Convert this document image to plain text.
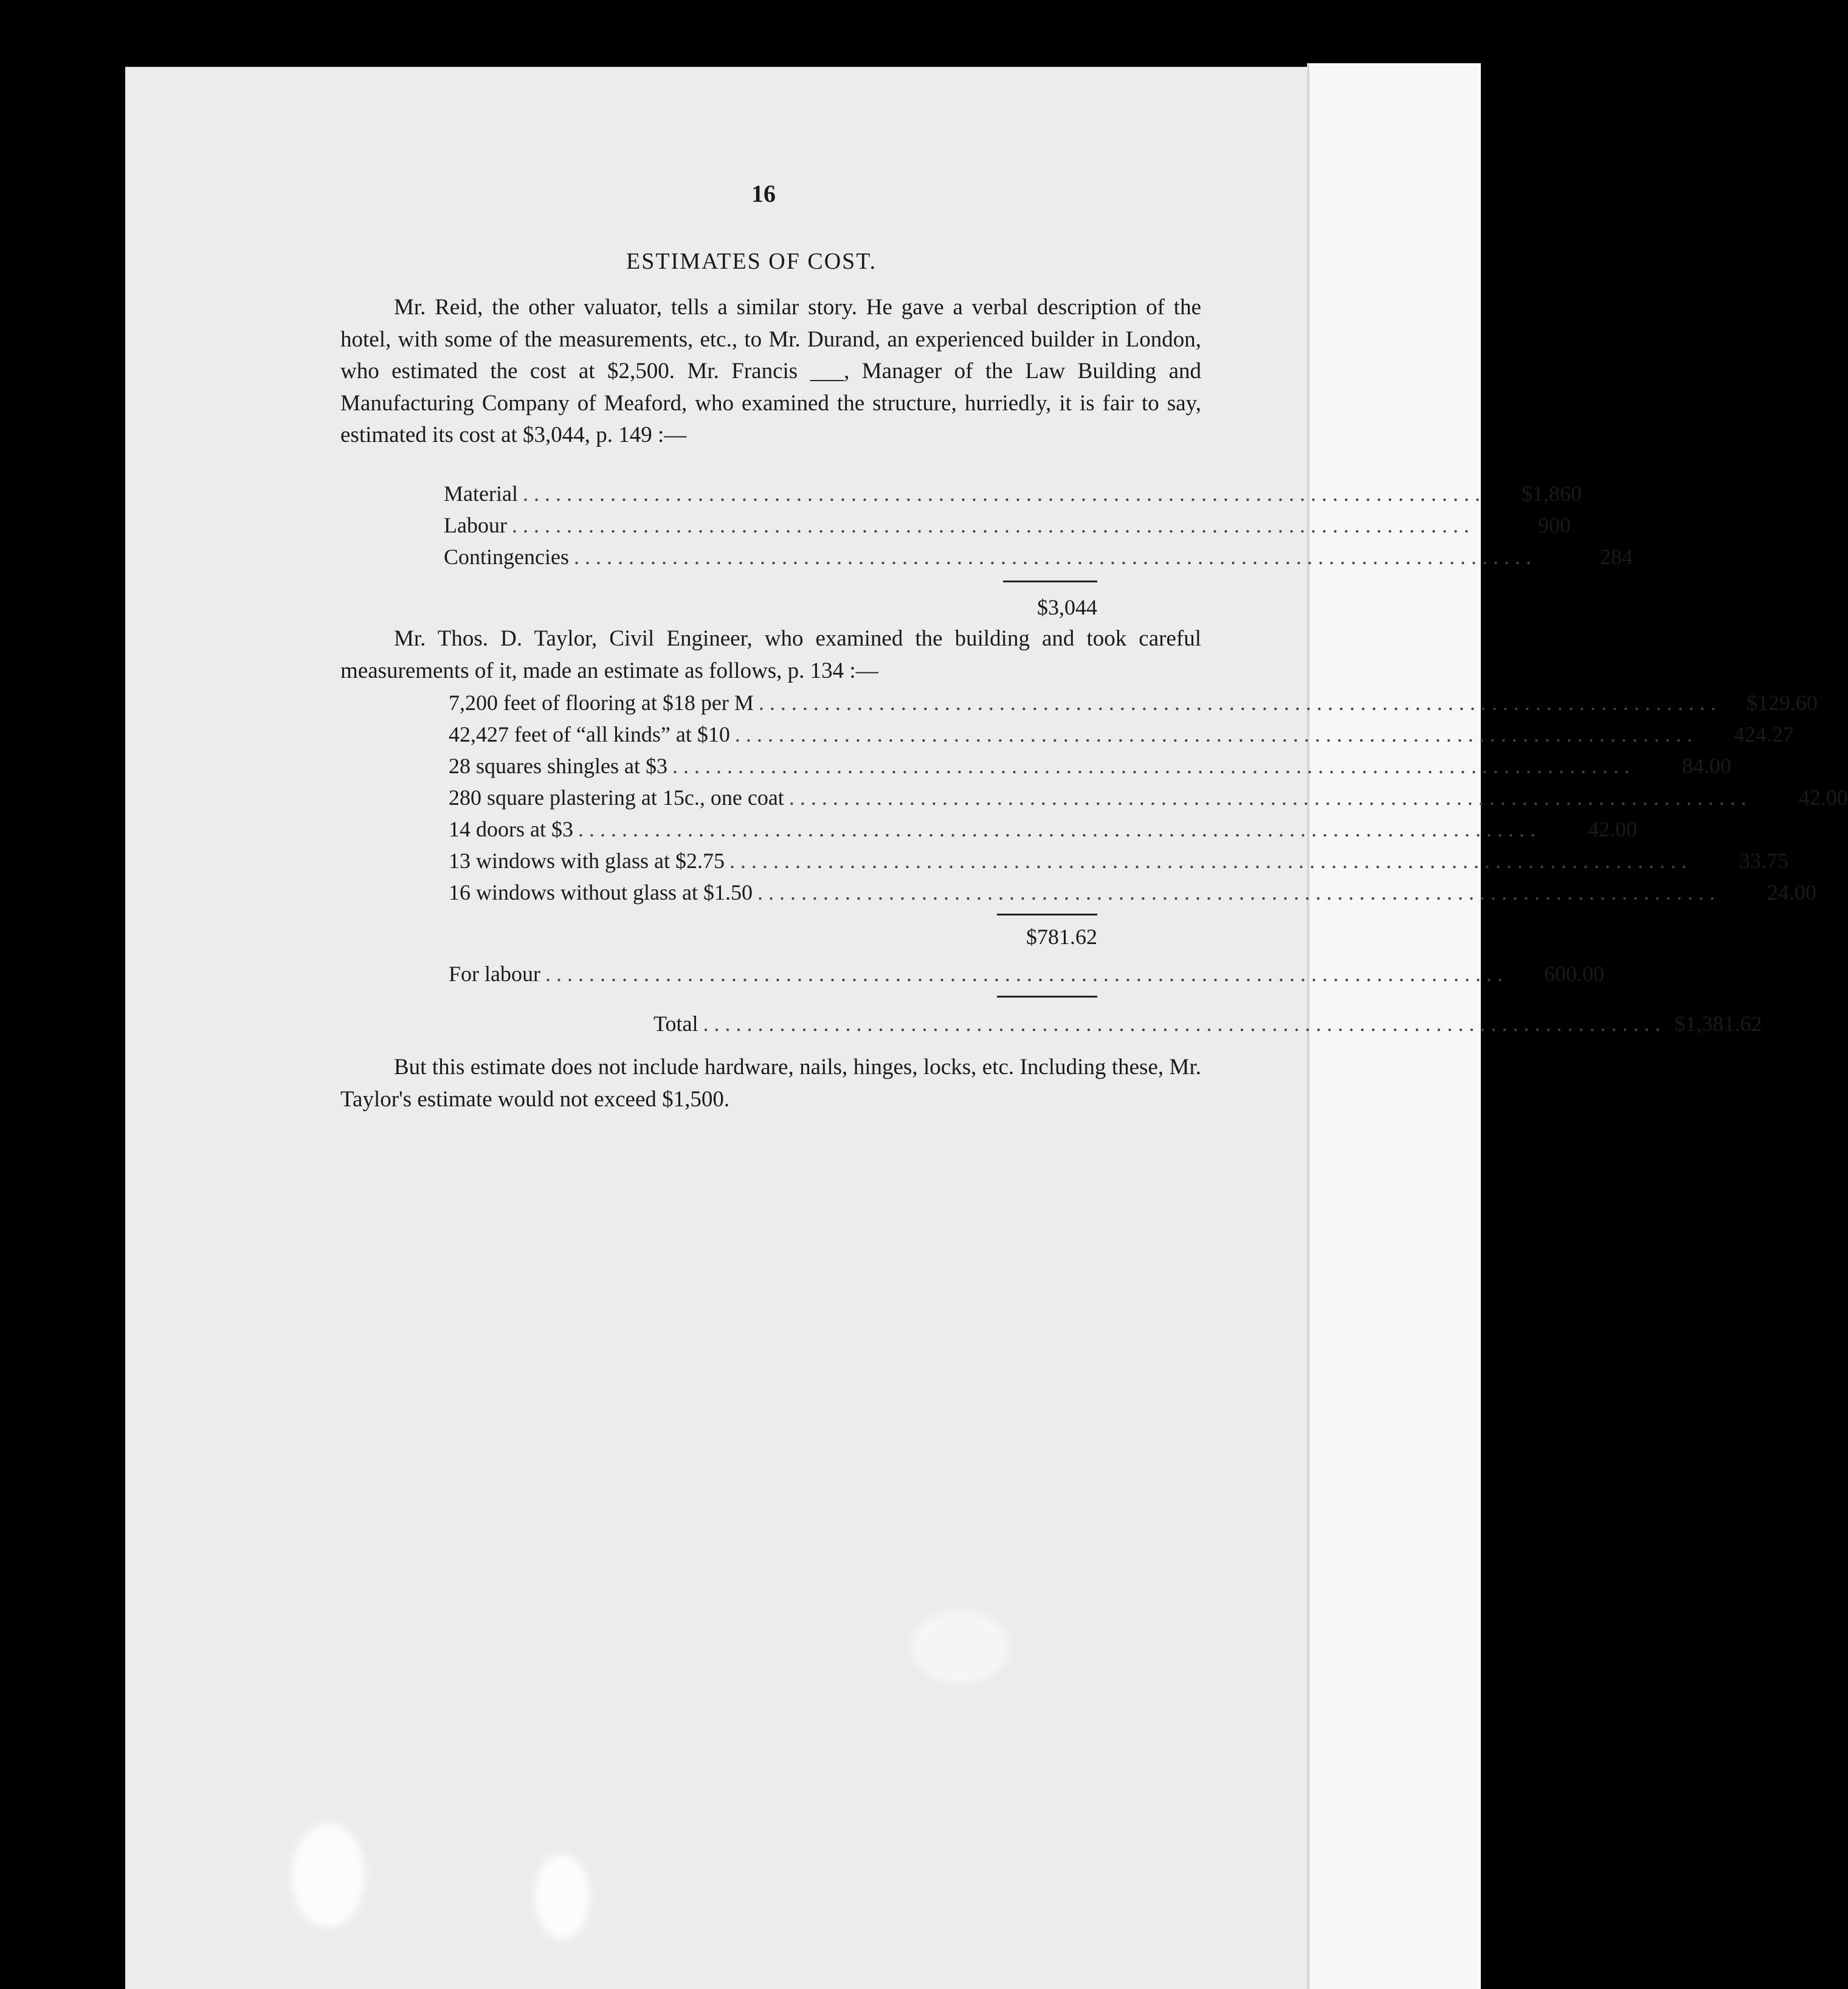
16
ESTIMATES OF COST.
Mr. Reid, the other valuator, tells a similar story. He gave a verbal description of the hotel, with some of the measurements, etc., to Mr. Durand, an experienced builder in London, who estimated the cost at $2,500. Mr. Francis ___, Manager of the Law Building and Manufacturing Company of Meaford, who examined the structure, hurriedly, it is fair to say, estimated its cost at $3,044, p. 149 :—
Material ........................................................................................	$1,860
Labour ........................................................................................	900
Contingencies ........................................................................................	284
$3,044
Mr. Thos. D. Taylor, Civil Engineer, who examined the building and took careful measurements of it, made an estimate as follows, p. 134 :—
7,200 feet of flooring at $18 per M ........................................................................................	$129.60
42,427 feet of “all kinds” at $10 ........................................................................................	424.27
28 squares shingles at $3 ........................................................................................	84.00
280 square plastering at 15c., one coat ........................................................................................	42.00
14 doors at $3 ........................................................................................	42.00
13 windows with glass at $2.75 ........................................................................................	33.75
16 windows without glass at $1.50 ........................................................................................	24.00
$781.62
For labour ........................................................................................	600.00
Total ........................................................................................ $1,381.62
But this estimate does not include hardware, nails, hinges, locks, etc. Including these, Mr. Taylor's estimate would not exceed $1,500.
